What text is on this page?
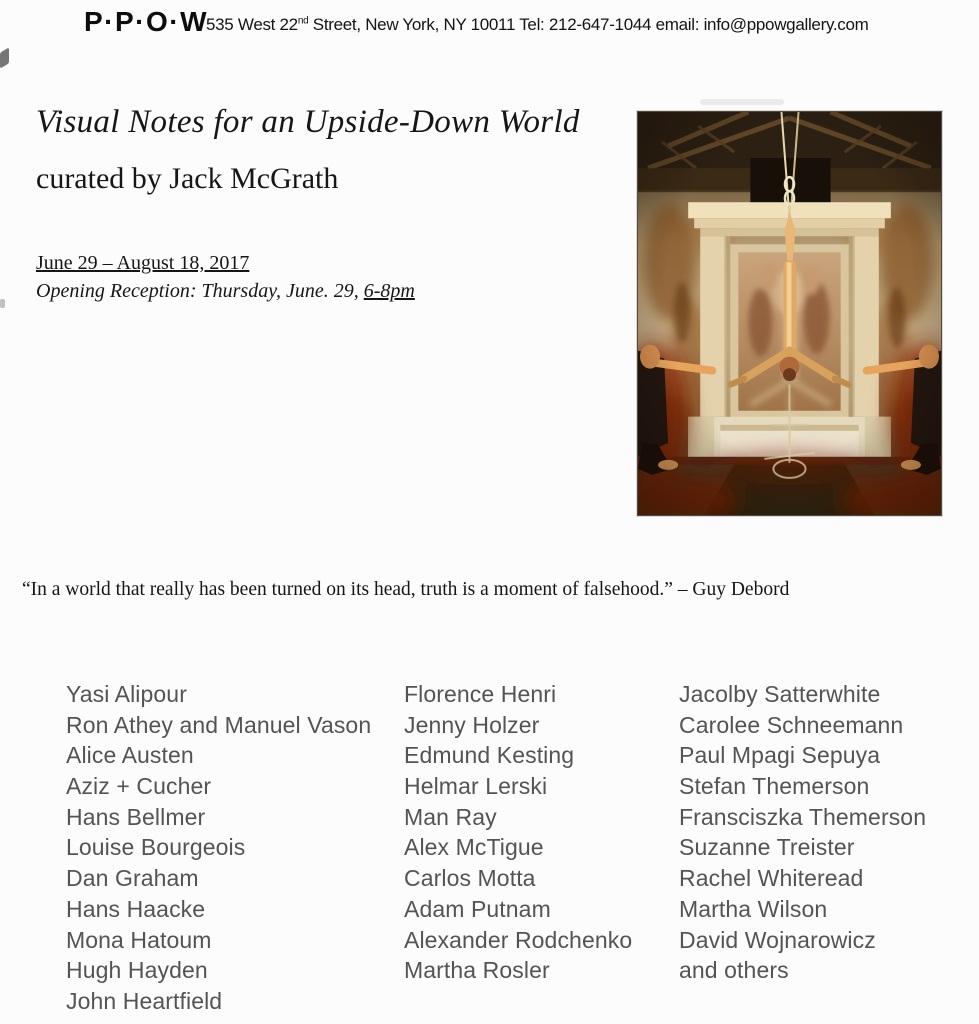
P·P·O·W
535 West 22nd Street, New York, NY 10011 Tel: 212-647-1044 email: info@ppowgallery.com
Visual Notes for an Upside-Down World
curated by Jack McGrath
June 29 – August 18, 2017
Opening Reception: Thursday, June. 29, 6-8pm
“In a world that really has been turned on its head, truth is a moment of falsehood.” – Guy Debord
Yasi Alipour
Ron Athey and Manuel Vason
Alice Austen
Aziz + Cucher
Hans Bellmer
Louise Bourgeois
Dan Graham
Hans Haacke
Mona Hatoum
Hugh Hayden
John Heartfield
Florence Henri
Jenny Holzer
Edmund Kesting
Helmar Lerski
Man Ray
Alex McTigue
Carlos Motta
Adam Putnam
Alexander Rodchenko
Martha Rosler
Jacolby Satterwhite
Carolee Schneemann
Paul Mpagi Sepuya
Stefan Themerson
Fransciszka Themerson
Suzanne Treister
Rachel Whiteread
Martha Wilson
David Wojnarowicz
and others
